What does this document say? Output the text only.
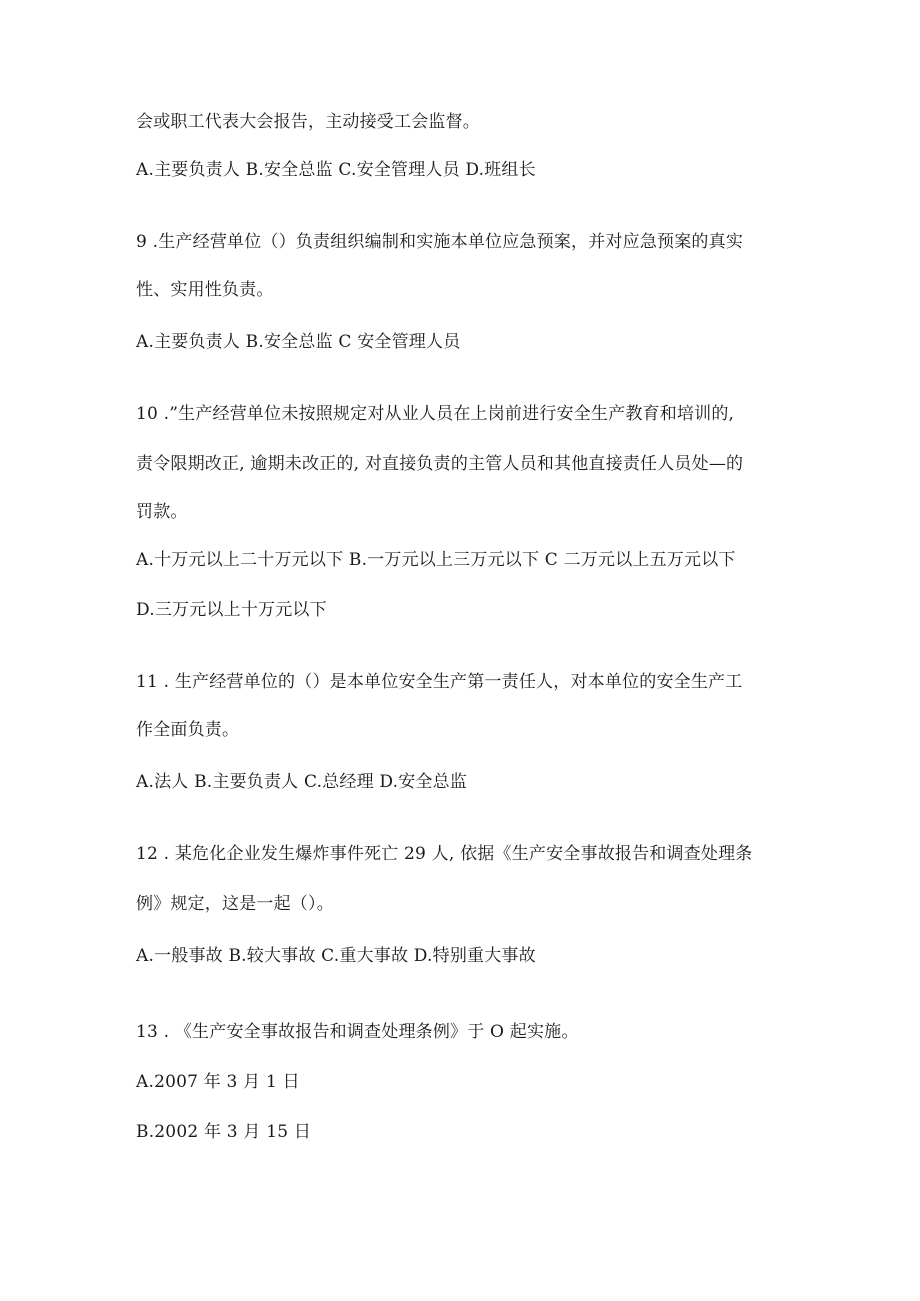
会或职工代表大会报告，主动接受工会监督。
A.主要负责人 B.安全总监 C.安全管理人员 D.班组长
9 .生产经营单位（）负责组织编制和实施本单位应急预案，并对应急预案的真实
性、实用性负责。
A.主要负责人 B.安全总监 C 安全管理人员
10 .”生产经营单位未按照规定对从业人员在上岗前进行安全生产教育和培训的,
责令限期改正, 逾期未改正的, 对直接负责的主管人员和其他直接责任人员处—的
罚款。
A.十万元以上二十万元以下 B.一万元以上三万元以下 C 二万元以上五万元以下
D.三万元以上十万元以下
11 . 生产经营单位的（）是本单位安全生产第一责任人，对本单位的安全生产工
作全面负责。
A.法人 B.主要负责人 C.总经理 D.安全总监
12 . 某危化企业发生爆炸事件死亡 29 人, 依据《生产安全事故报告和调查处理条
例》规定，这是一起（）。
A.一般事故 B.较大事故 C.重大事故 D.特别重大事故
13 . 《生产安全事故报告和调查处理条例》于 O 起实施。
A.2007 年 3 月 1 日
B.2002 年 3 月 15 日
